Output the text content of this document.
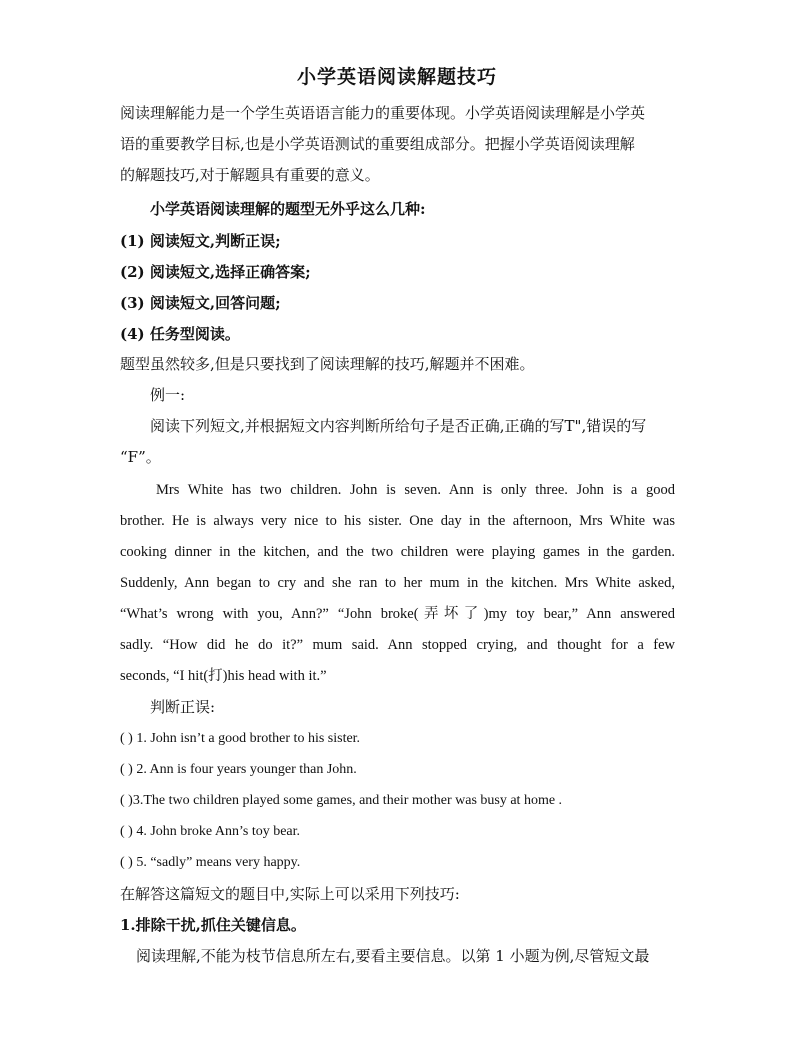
小学英语阅读解题技巧
阅读理解能力是一个学生英语语言能力的重要体现。小学英语阅读理解是小学英
语的重要教学目标,也是小学英语测试的重要组成部分。把握小学英语阅读理解
的解题技巧,对于解题具有重要的意义。
小学英语阅读理解的题型无外乎这么几种:
(1) 阅读短文,判断正误;
(2) 阅读短文,选择正确答案;
(3) 阅读短文,回答问题;
(4) 任务型阅读。
题型虽然较多,但是只要找到了阅读理解的技巧,解题并不困难。
例一:
阅读下列短文,并根据短文内容判断所给句子是否正确,正确的写T",错误的写
“F”。
Mrs White has two children. John is seven. Ann is only three. John is a good
brother. He is always very nice to his sister. One day in the afternoon, Mrs White was
cooking dinner in the kitchen, and the two children were playing games in the garden.
Suddenly, Ann began to cry and she ran to her mum in the kitchen. Mrs White asked,
“What’s wrong with you, Ann?” “John broke(弄坏了)my toy bear,” Ann answered
sadly. “How did he do it?” mum said. Ann stopped crying, and thought for a few
seconds, “I hit(打)his head with it.”
判断正误:
( ) 1. John isn’t a good brother to his sister.
( ) 2. Ann is four years younger than John.
( )3.The two children played some games, and their mother was busy at home .
( ) 4. John broke Ann’s toy bear.
( ) 5. “sadly” means very happy.
在解答这篇短文的题目中,实际上可以采用下列技巧:
1.排除干扰,抓住关键信息。
阅读理解,不能为枝节信息所左右,要看主要信息。以第 1 小题为例,尽管短文最
